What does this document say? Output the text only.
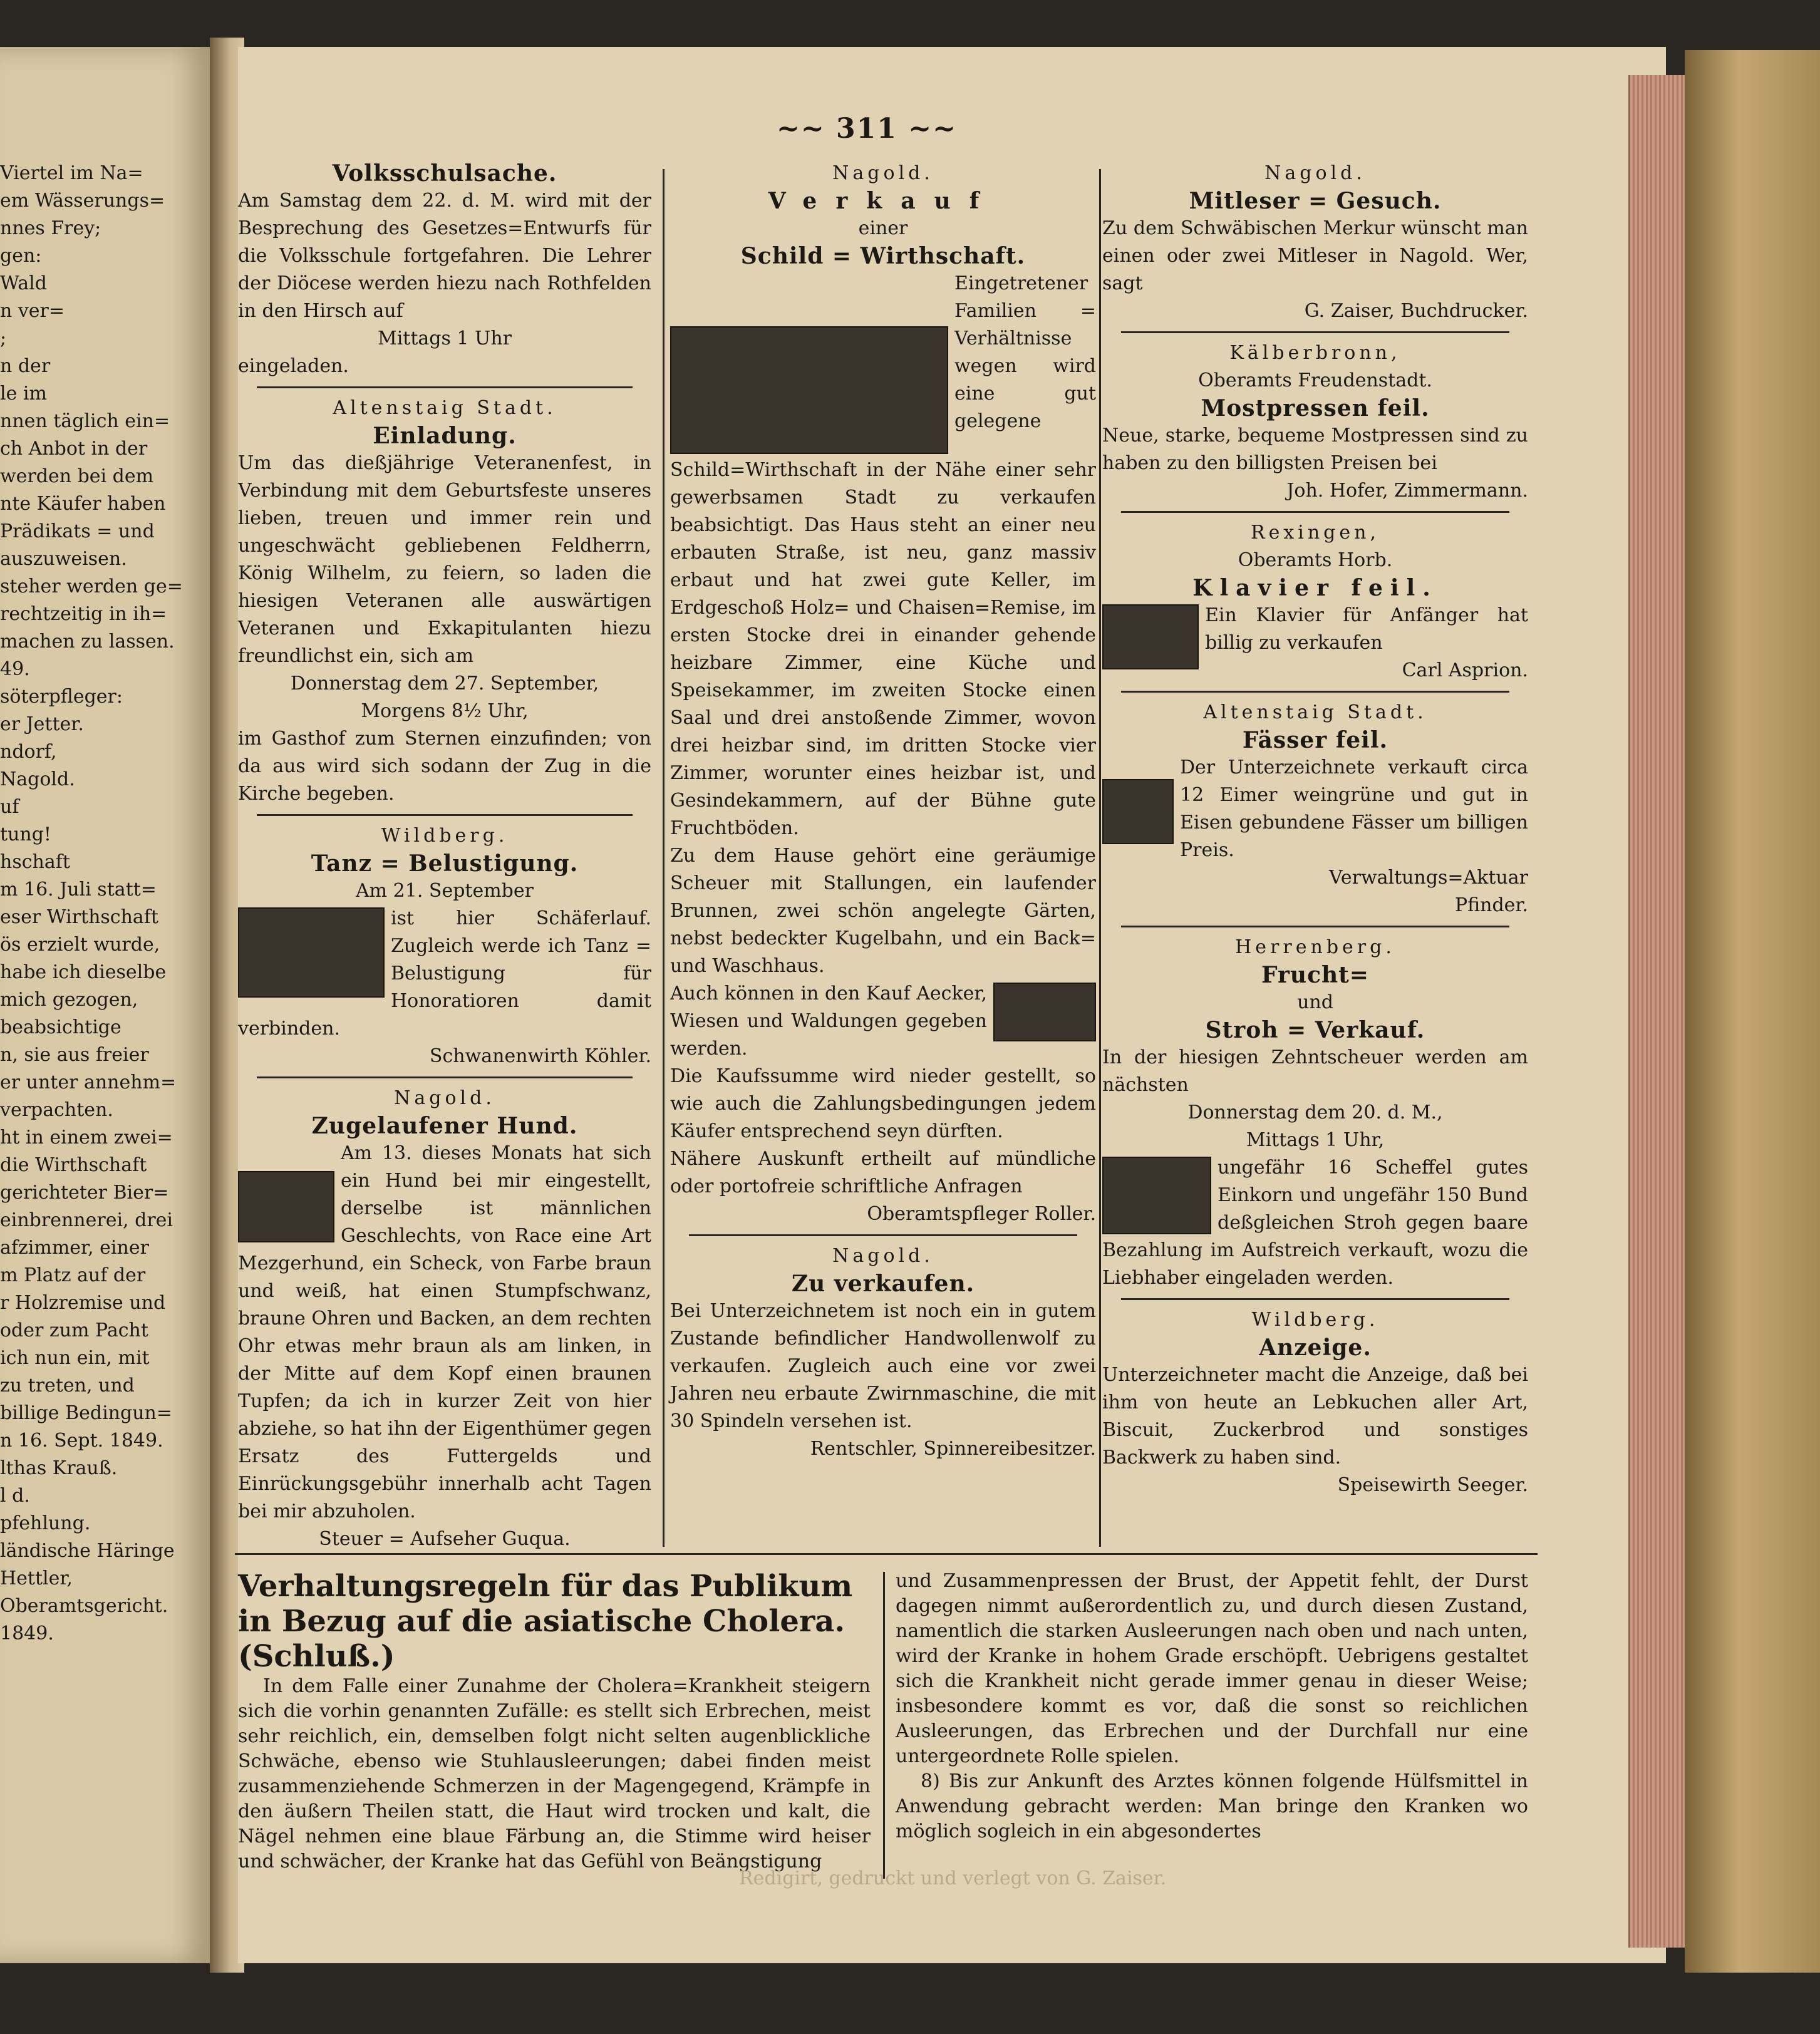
Viertel im Na=
em Wässerungs=
nnes Frey;
gen:
Wald
n ver=
;
n der
le im
nnen täglich ein=
ch Anbot in der
werden bei dem
nte Käufer haben
Prädikats = und
auszuweisen.
steher werden ge=
rechtzeitig in ih=
machen zu lassen.
49.
söterpfleger:
er Jetter.
ndorf,
Nagold.
uf
tung!
hschaft
m 16. Juli statt=
eser Wirthschaft
ös erzielt wurde,
habe ich dieselbe
mich gezogen,
beabsichtige
n, sie aus freier
er unter annehm=
verpachten.
ht in einem zwei=
die Wirthschaft
gerichteter Bier=
einbrennerei, drei
afzimmer, einer
m Platz auf der
r Holzremise und
oder zum Pacht
ich nun ein, mit
zu treten, und
billige Bedingun=
n 16. Sept. 1849.
lthas Krauß.
l d.
pfehlung.
ländische Häringe
Hettler,
Oberamtsgericht.
1849.
~~ 311 ~~
Volksschulsache.
Am Samstag dem 22. d. M. wird mit der Besprechung des Gesetzes=Entwurfs für die Volksschule fortgefahren. Die Lehrer der Diöcese werden hiezu nach Rothfelden in den Hirsch auf
Mittags 1 Uhr
eingeladen.
Altenstaig Stadt.
Einladung.
Um das dießjährige Veteranenfest, in Verbindung mit dem Geburtsfeste unseres lieben, treuen und immer rein und ungeschwächt gebliebenen Feldherrn, König Wilhelm, zu feiern, so laden die hiesigen Veteranen alle auswärtigen Veteranen und Exkapitulanten hiezu freundlichst ein, sich am
Donnerstag dem 27. September,
Morgens 8½ Uhr,
im Gasthof zum Sternen einzufinden; von da aus wird sich sodann der Zug in die Kirche begeben.
Wildberg.
Tanz = Belustigung.
Am 21. September
ist hier Schäferlauf. Zugleich werde ich Tanz = Belustigung für Honoratioren damit verbinden.
Schwanenwirth Köhler.
Nagold.
Zugelaufener Hund.
Am 13. dieses Monats hat sich ein Hund bei mir eingestellt, derselbe ist männlichen Geschlechts, von Race eine Art Mezgerhund, ein Scheck, von Farbe braun und weiß, hat einen Stumpfschwanz, braune Ohren und Backen, an dem rechten Ohr etwas mehr braun als am linken, in der Mitte auf dem Kopf einen braunen Tupfen; da ich in kurzer Zeit von hier abziehe, so hat ihn der Eigenthümer gegen Ersatz des Futtergelds und Einrückungsgebühr innerhalb acht Tagen bei mir abzuholen.
Steuer = Aufseher Guqua.
Nagold.
Verkauf
einer
Schild = Wirthschaft.
Eingetretener Familien = Verhältnisse wegen wird eine gut gelegene Schild=Wirthschaft in der Nähe einer sehr gewerbsamen Stadt zu verkaufen beabsichtigt. Das Haus steht an einer neu erbauten Straße, ist neu, ganz massiv erbaut und hat zwei gute Keller, im Erdgeschoß Holz= und Chaisen=Remise, im ersten Stocke drei in einander gehende heizbare Zimmer, eine Küche und Speisekammer, im zweiten Stocke einen Saal und drei anstoßende Zimmer, wovon drei heizbar sind, im dritten Stocke vier Zimmer, worunter eines heizbar ist, und Gesindekammern, auf der Bühne gute Fruchtböden.
Zu dem Hause gehört eine geräumige Scheuer mit Stallungen, ein laufender Brunnen, zwei schön angelegte Gärten, nebst bedeckter Kugelbahn, und ein Back= und Waschhaus.
Auch können in den Kauf Aecker, Wiesen und Waldungen gegeben werden.
Die Kaufssumme wird nieder gestellt, so wie auch die Zahlungsbedingungen jedem Käufer entsprechend seyn dürften.
Nähere Auskunft ertheilt auf mündliche oder portofreie schriftliche Anfragen
Oberamtspfleger Roller.
Nagold.
Zu verkaufen.
Bei Unterzeichnetem ist noch ein in gutem Zustande befindlicher Handwollenwolf zu verkaufen. Zugleich auch eine vor zwei Jahren neu erbaute Zwirnmaschine, die mit 30 Spindeln versehen ist.
Rentschler, Spinnereibesitzer.
Nagold.
Mitleser = Gesuch.
Zu dem Schwäbischen Merkur wünscht man einen oder zwei Mitleser in Nagold. Wer, sagt
G. Zaiser, Buchdrucker.
Kälberbronn,
Oberamts Freudenstadt.
Mostpressen feil.
Neue, starke, bequeme Mostpressen sind zu haben zu den billigsten Preisen bei
Joh. Hofer, Zimmermann.
Rexingen,
Oberamts Horb.
Klavier feil.
Ein Klavier für Anfänger hat billig zu verkaufen
Carl Asprion.
Altenstaig Stadt.
Fässer feil.
Der Unterzeichnete verkauft circa 12 Eimer weingrüne und gut in Eisen gebundene Fässer um billigen Preis.
Verwaltungs=Aktuar
Pfinder.
Herrenberg.
Frucht=
und
Stroh = Verkauf.
In der hiesigen Zehntscheuer werden am nächsten
Donnerstag dem 20. d. M.,
Mittags 1 Uhr,
ungefähr 16 Scheffel gutes Einkorn und ungefähr 150 Bund deßgleichen Stroh gegen baare Bezahlung im Aufstreich verkauft, wozu die Liebhaber eingeladen werden.
Wildberg.
Anzeige.
Unterzeichneter macht die Anzeige, daß bei ihm von heute an Lebkuchen aller Art, Biscuit, Zuckerbrod und sonstiges Backwerk zu haben sind.
Speisewirth Seeger.
Verhaltungsregeln für das Publikum in Bezug auf die asiatische Cholera. (Schluß.)
In dem Falle einer Zunahme der Cholera=Krankheit steigern sich die vorhin genannten Zufälle: es stellt sich Erbrechen, meist sehr reichlich, ein, demselben folgt nicht selten augenblickliche Schwäche, ebenso wie Stuhlausleerungen; dabei finden meist zusammenziehende Schmerzen in der Magengegend, Krämpfe in den äußern Theilen statt, die Haut wird trocken und kalt, die Nägel nehmen eine blaue Färbung an, die Stimme wird heiser und schwächer, der Kranke hat das Gefühl von Beängstigung
und Zusammenpressen der Brust, der Appetit fehlt, der Durst dagegen nimmt außerordentlich zu, und durch diesen Zustand, namentlich die starken Ausleerungen nach oben und nach unten, wird der Kranke in hohem Grade erschöpft. Uebrigens gestaltet sich die Krankheit nicht gerade immer genau in dieser Weise; insbesondere kommt es vor, daß die sonst so reichlichen Ausleerungen, das Erbrechen und der Durchfall nur eine untergeordnete Rolle spielen.
8) Bis zur Ankunft des Arztes können folgende Hülfsmittel in Anwendung gebracht werden: Man bringe den Kranken wo möglich sogleich in ein abgesondertes
Redigirt, gedruckt und verlegt von G. Zaiser.
